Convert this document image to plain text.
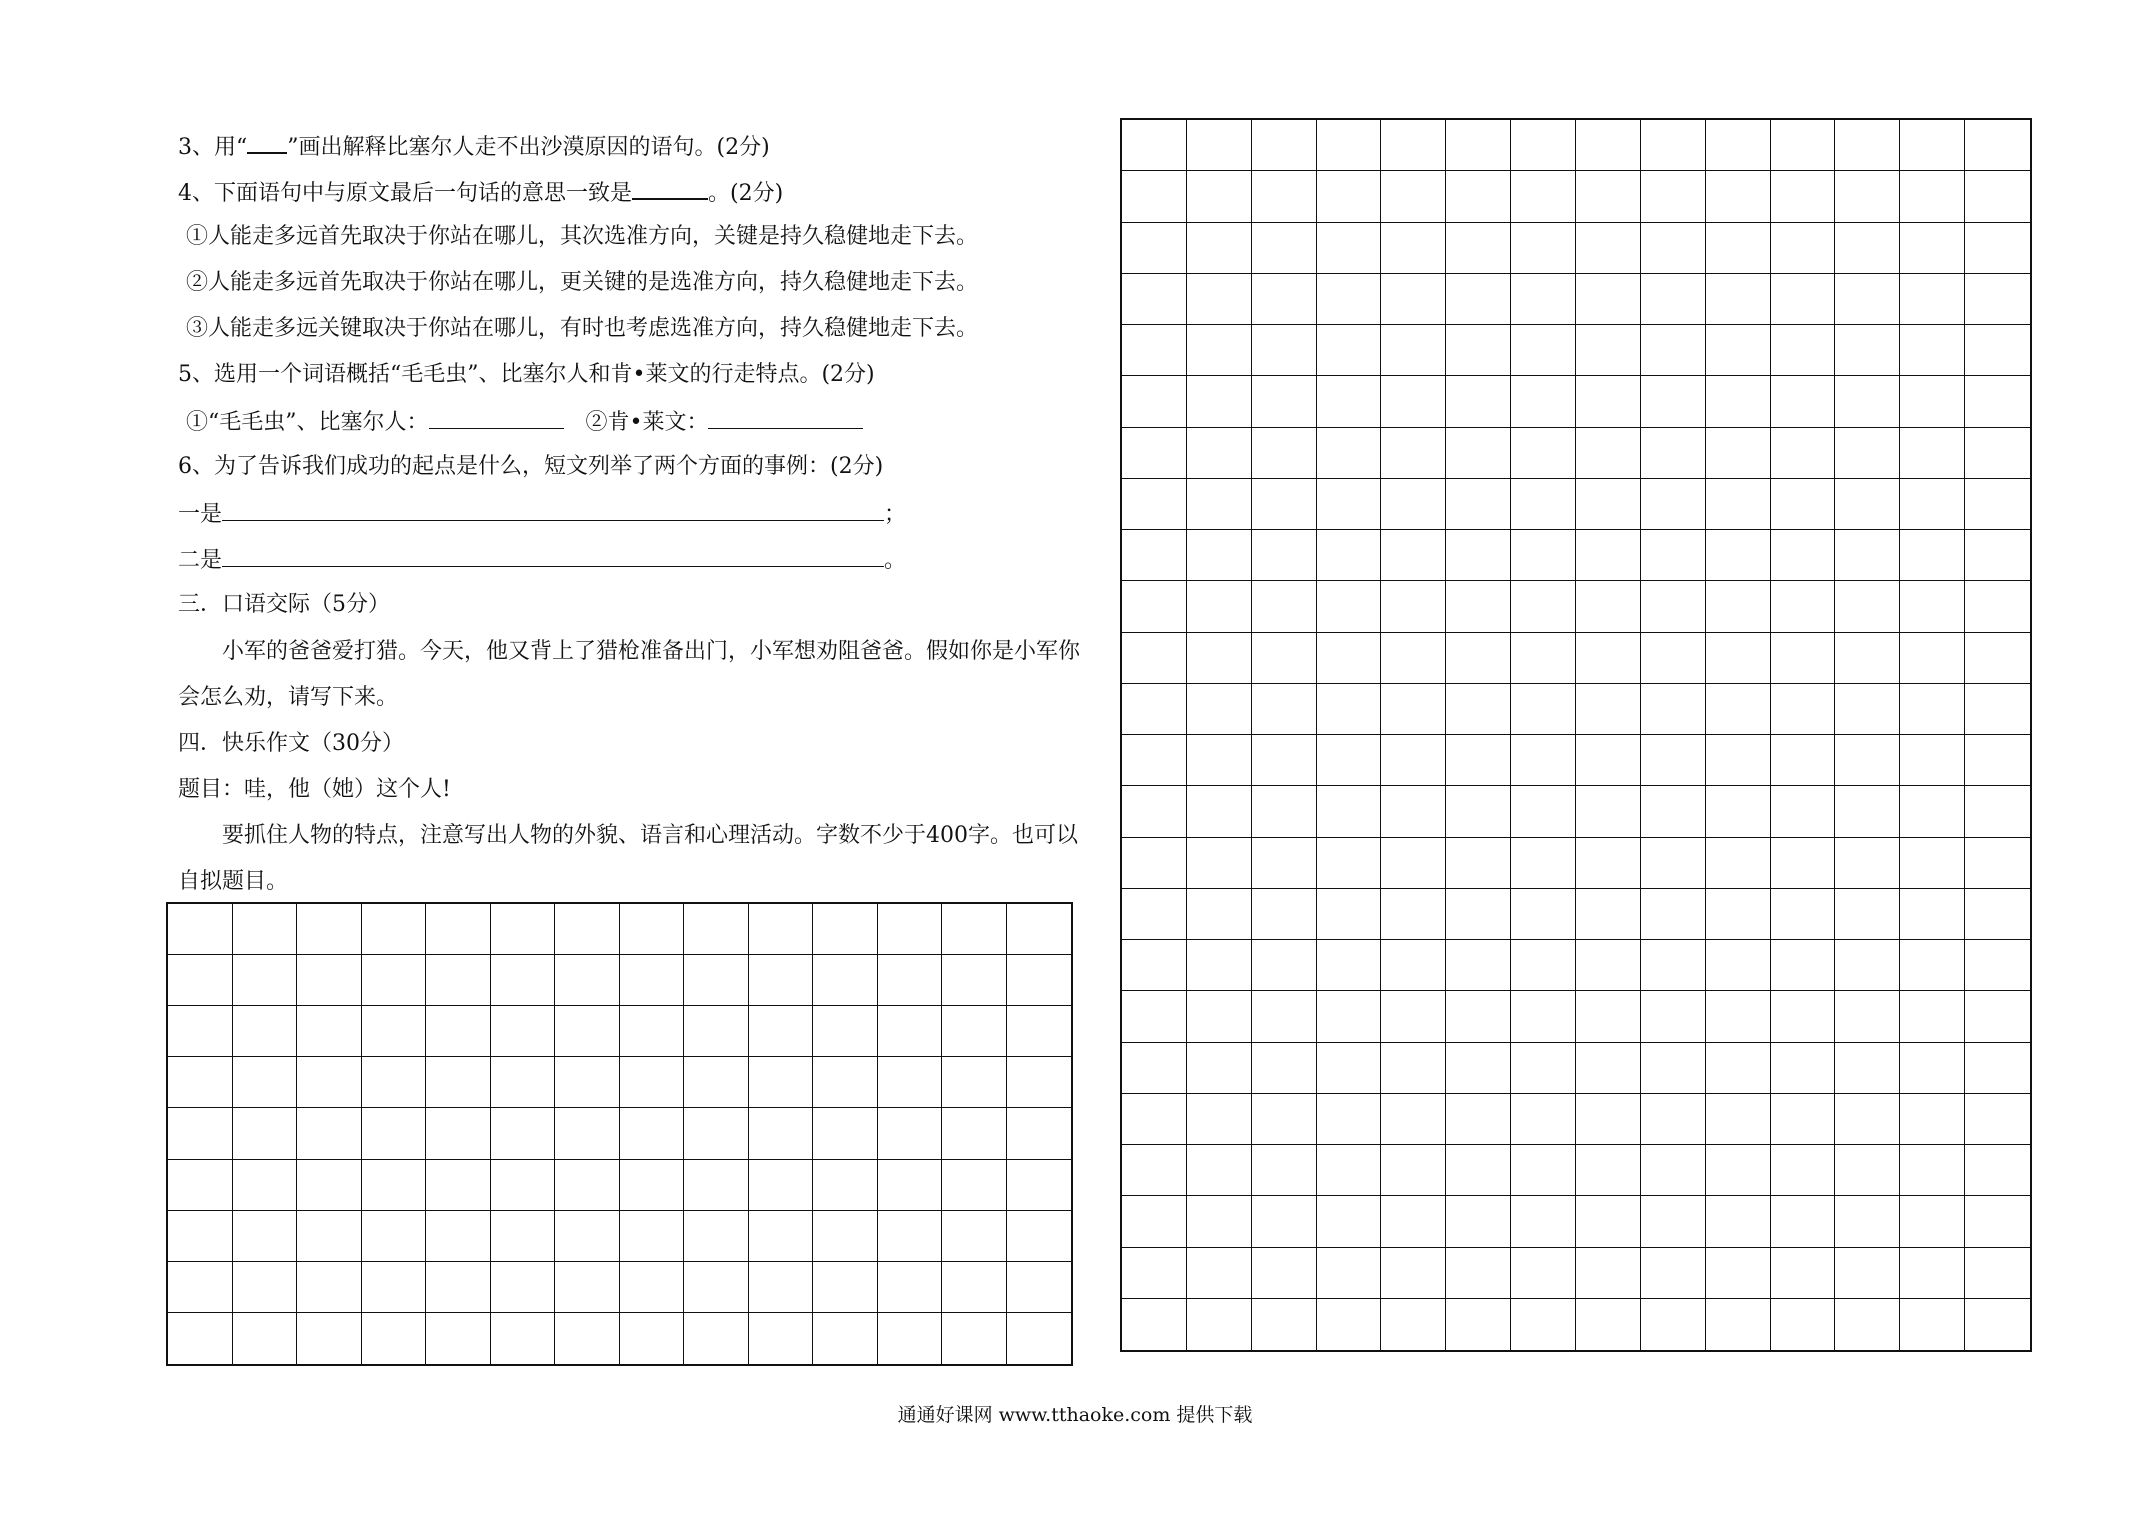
3、用“ ”画出解释比塞尔人走不出沙漠原因的语句。(2分)
4、下面语句中与原文最后一句话的意思一致是	。(2分)
①人能走多远首先取决于你站在哪儿，其次选准方向，关键是持久稳健地走下去。
②人能走多远首先取决于你站在哪儿，更关键的是选准方向，持久稳健地走下去。
③人能走多远关键取决于你站在哪儿，有时也考虑选准方向，持久稳健地走下去。
5、选用一个词语概括“毛毛虫”、比塞尔人和肯•莱文的行走特点。(2分)
①“毛毛虫”、比塞尔人：	②肯•莱文：
6、为了告诉我们成功的起点是什么，短文列举了两个方面的事例：(2分)
一是	；
二是	。
三．口语交际（5分）
小军的爸爸爱打猎。今天，他又背上了猎枪准备出门，小军想劝阻爸爸。假如你是小军你
会怎么劝，请写下来。
四．快乐作文（30分）
题目：哇，他（她）这个人!
要抓住人物的特点，注意写出人物的外貌、语言和心理活动。字数不少于400字。也可以
自拟题目。
通通好课网 www.tthaoke.com 提供下载
